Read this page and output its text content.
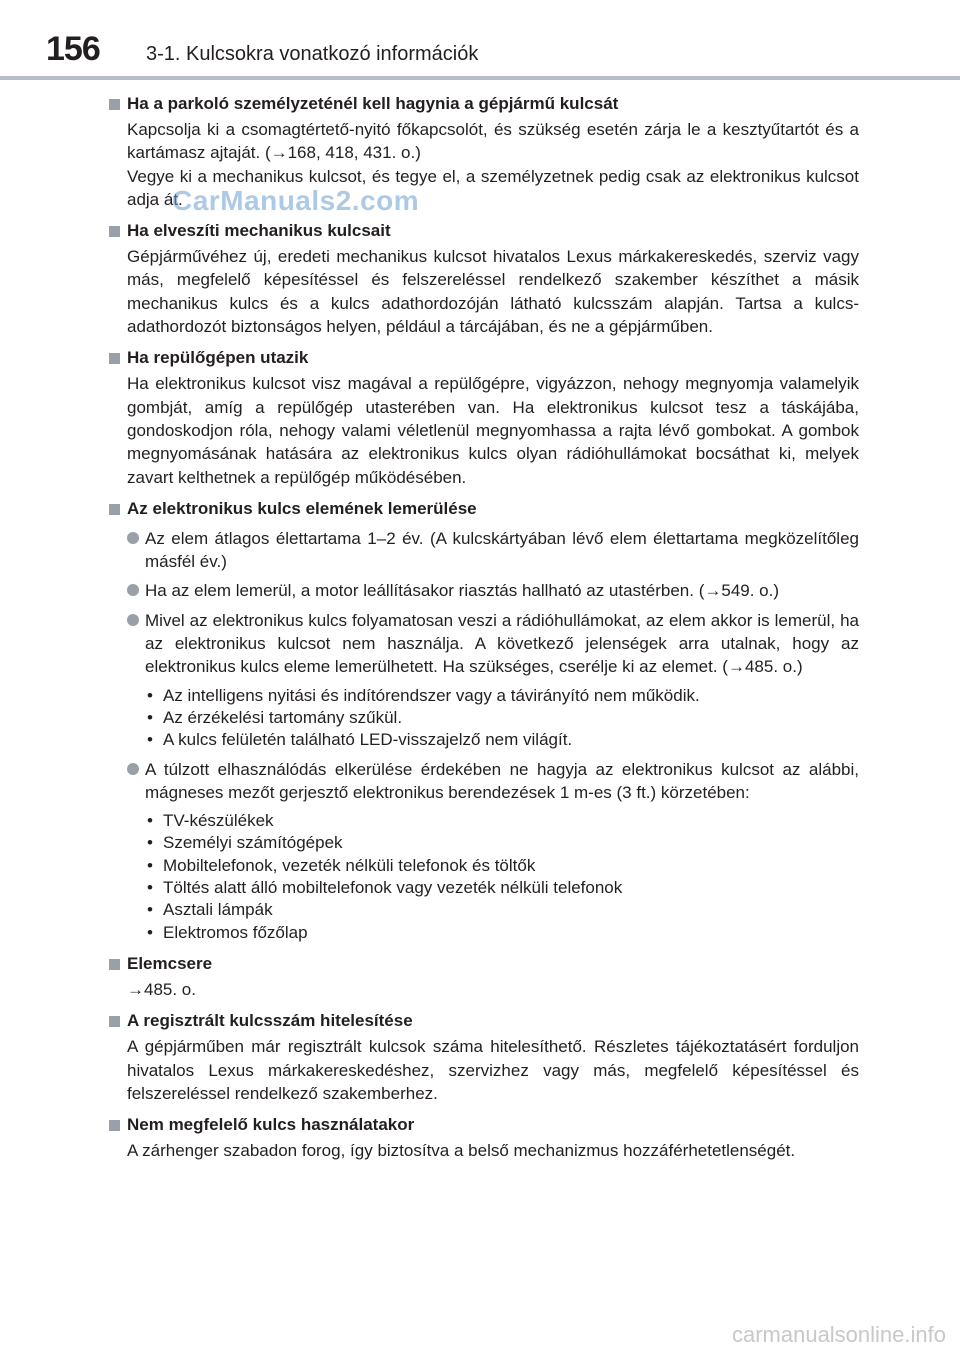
156 3-1. Kulcsokra vonatkozó információk
Ha a parkoló személyzeténél kell hagynia a gépjármű kulcsát

Kapcsolja ki a csomagtértető-nyitó főkapcsolót, és szükség esetén zárja le a kesztyűtartót és a kartámasz ajtaját. (→168, 418, 431. o.)

Vegye ki a mechanikus kulcsot, és tegye el, a személyzetnek pedig csak az elektronikus kulcsot adja át.

Ha elveszíti mechanikus kulcsait

Gépjárművéhez új, eredeti mechanikus kulcsot hivatalos Lexus márkakereskedés, szerviz vagy más, megfelelő képesítéssel és felszereléssel rendelkező szakember készíthet a másik mechanikus kulcs és a kulcs adathordozóján látható kulcsszám alapján. Tartsa a kulcs-adathordozót biztonságos helyen, például a tárcájában, és ne a gépjárműben.

Ha repülőgépen utazik

Ha elektronikus kulcsot visz magával a repülőgépre, vigyázzon, nehogy megnyomja valamelyik gombját, amíg a repülőgép utasterében van. Ha elektronikus kulcsot tesz a táskájába, gondoskodjon róla, nehogy valami véletlenül megnyomhassa a rajta lévő gombokat. A gombok megnyomásának hatására az elektronikus kulcs olyan rádióhullámokat bocsáthat ki, melyek zavart kelthetnek a repülőgép működésében.

Az elektronikus kulcs elemének lemerülése
Az elem átlagos élettartama 1–2 év. (A kulcskártyában lévő elem élettartama megközelítőleg másfél év.)
Ha az elem lemerül, a motor leállításakor riasztás hallható az utastérben. (→549. o.)
Mivel az elektronikus kulcs folyamatosan veszi a rádióhullámokat, az elem akkor is lemerül, ha az elektronikus kulcsot nem használja. A következő jelenségek arra utalnak, hogy az elektronikus kulcs eleme lemerülhetett. Ha szükséges, cserélje ki az elemet. (→485. o.)
• Az intelligens nyitási és indítórendszer vagy a távirányító nem működik.
• Az érzékelési tartomány szűkül.
• A kulcs felületén található LED-visszajelző nem világít.
A túlzott elhasználódás elkerülése érdekében ne hagyja az elektronikus kulcsot az alábbi, mágneses mezőt gerjesztő elektronikus berendezések 1 m-es (3 ft.) körzetében:
• TV-készülékek
• Személyi számítógépek
• Mobiltelefonok, vezeték nélküli telefonok és töltők
• Töltés alatt álló mobiltelefonok vagy vezeték nélküli telefonok
• Asztali lámpák
• Elektromos főzőlap
Elemcsere

→485. o.

A regisztrált kulcsszám hitelesítése

A gépjárműben már regisztrált kulcsok száma hitelesíthető. Részletes tájékoztatásért forduljon hivatalos Lexus márkakereskedéshez, szervizhez vagy más, megfelelő képesítéssel és felszereléssel rendelkező szakemberhez.

Nem megfelelő kulcs használatakor

A zárhenger szabadon forog, így biztosítva a belső mechanizmus hozzáférhetetlenségét.

CarManuals2.com
carmanualsonline.info
